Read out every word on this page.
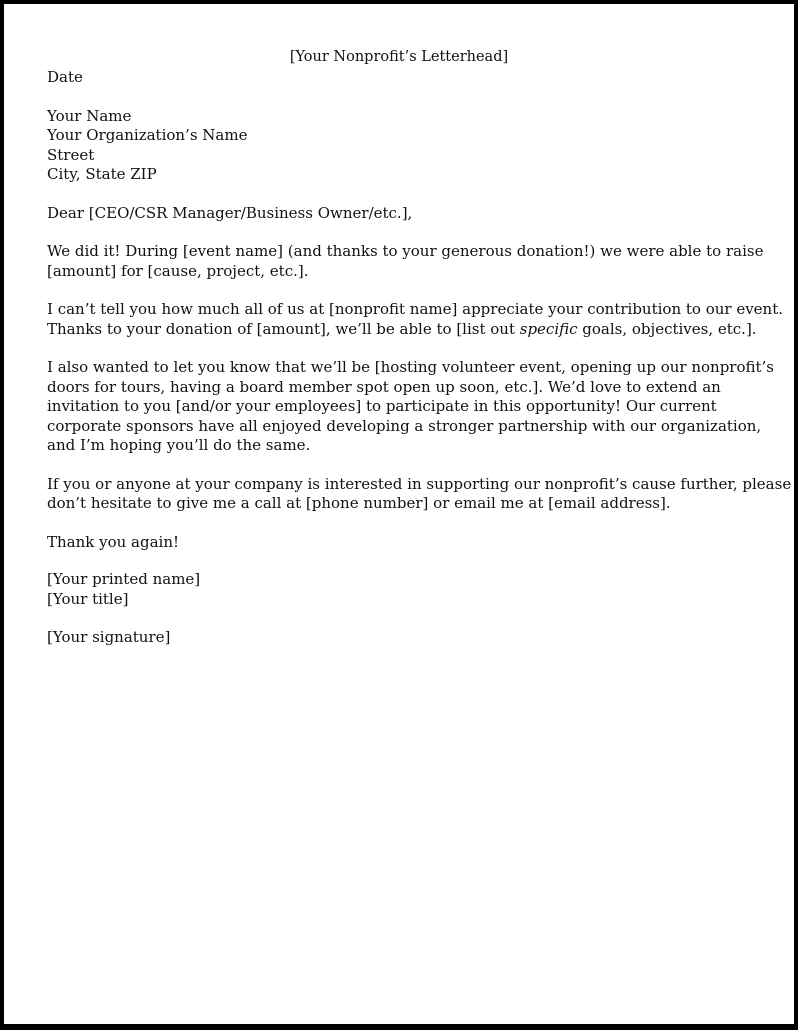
[Your Nonprofit’s Letterhead]
Date
Your Name
Your Organization’s Name
Street
City, State ZIP
Dear [CEO/CSR Manager/Business Owner/etc.],
We did it! During [event name] (and thanks to your generous donation!) we were able to raise
[amount] for [cause, project, etc.].
I can’t tell you how much all of us at [nonprofit name] appreciate your contribution to our event.
Thanks to your donation of [amount], we’ll be able to [list out specific goals, objectives, etc.].
I also wanted to let you know that we’ll be [hosting volunteer event, opening up our nonprofit’s
doors for tours, having a board member spot open up soon, etc.]. We’d love to extend an
invitation to you [and/or your employees] to participate in this opportunity! Our current
corporate sponsors have all enjoyed developing a stronger partnership with our organization,
and I’m hoping you’ll do the same.
If you or anyone at your company is interested in supporting our nonprofit’s cause further, please
don’t hesitate to give me a call at [phone number] or email me at [email address].
Thank you again!
[Your printed name]
[Your title]
[Your signature]
